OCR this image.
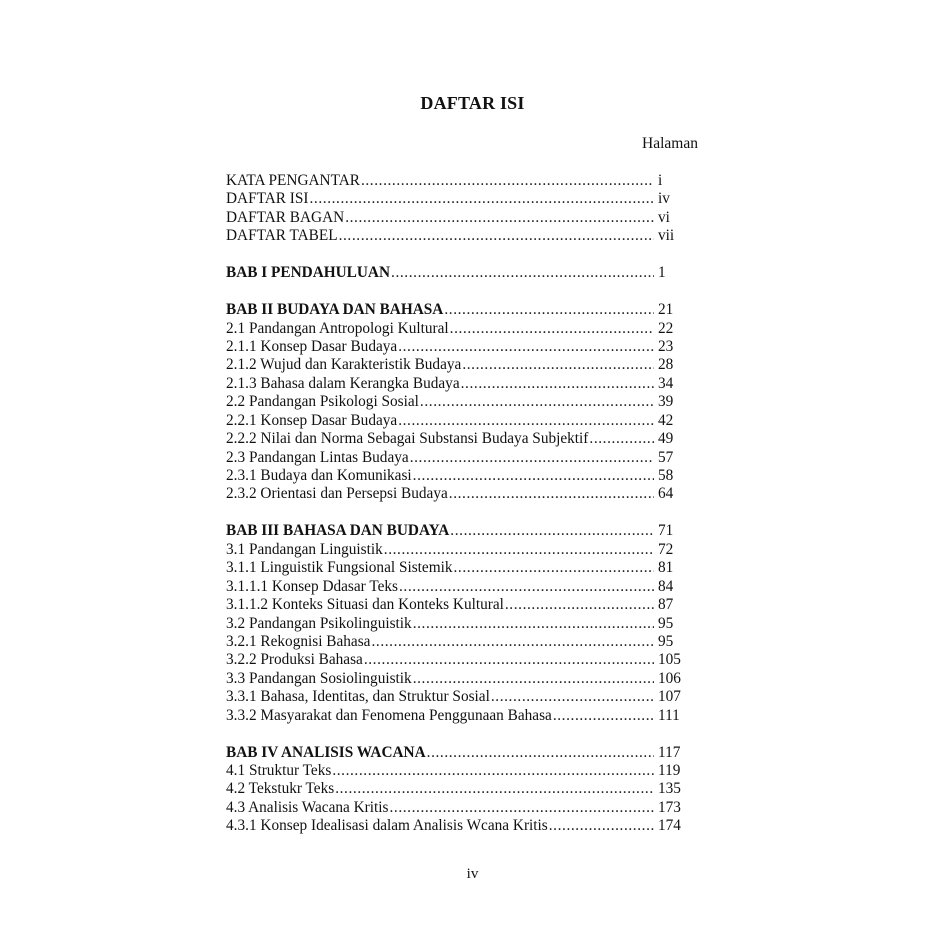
DAFTAR ISI
Halaman
KATA PENGANTAR .....	i
DAFTAR ISI .....	iv
DAFTAR BAGAN .....	vi
DAFTAR TABEL .....	vii
BAB I PENDAHULUAN .....	1
BAB II BUDAYA DAN BAHASA .....	21
2.1 Pandangan Antropologi Kultural .....	22
2.1.1 Konsep Dasar Budaya .....	23
2.1.2 Wujud dan Karakteristik Budaya .....	28
2.1.3 Bahasa dalam Kerangka Budaya .....	34
2.2 Pandangan Psikologi Sosial .....	39
2.2.1 Konsep Dasar Budaya .....	42
2.2.2 Nilai dan Norma Sebagai Substansi Budaya Subjektif .....	49
2.3 Pandangan Lintas Budaya .....	57
2.3.1 Budaya dan Komunikasi .....	58
2.3.2 Orientasi dan Persepsi Budaya .....	64
BAB III BAHASA DAN BUDAYA .....	71
3.1 Pandangan Linguistik .....	72
3.1.1 Linguistik Fungsional Sistemik .....	81
3.1.1.1 Konsep Ddasar Teks .....	84
3.1.1.2 Konteks Situasi dan Konteks Kultural .....	87
3.2 Pandangan Psikolinguistik .....	95
3.2.1 Rekognisi Bahasa .....	95
3.2.2 Produksi Bahasa .....	105
3.3 Pandangan Sosiolinguistik .....	106
3.3.1 Bahasa, Identitas, dan Struktur Sosial .....	107
3.3.2 Masyarakat dan Fenomena Penggunaan Bahasa .....	111
BAB IV ANALISIS WACANA .....	117
4.1 Struktur Teks .....	119
4.2 Tekstukr Teks .....	135
4.3 Analisis Wacana Kritis .....	173
4.3.1 Konsep Idealisasi dalam Analisis Wcana Kritis .....	174
iv
